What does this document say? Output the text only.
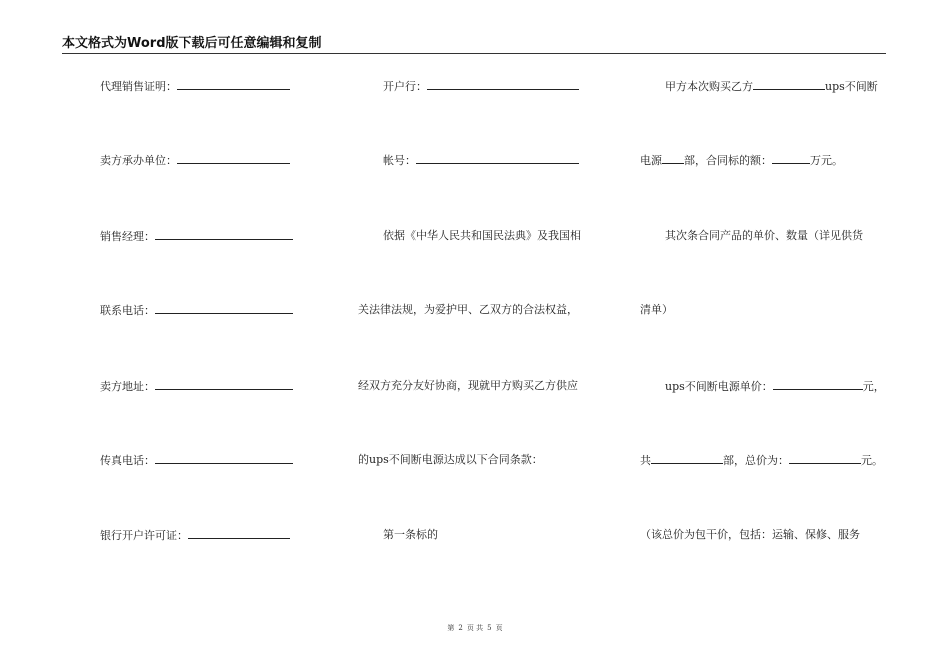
本文格式为Word版下载后可任意编辑和复制
代理销售证明：
卖方承办单位：
销售经理：
联系电话：
卖方地址：
传真电话：
银行开户许可证：
开户行：
帐号：
依据《中华人民共和国民法典》及我国相
关法律法规，为爱护甲、乙双方的合法权益，
经双方充分友好协商，现就甲方购买乙方供应
的ups不间断电源达成以下合同条款：
第一条标的
甲方本次购买乙方	ups不间断
电源 部，合同标的额：	万元。
其次条合同产品的单价、数量（详见供货
清单）
ups不间断电源单价：	元，
共	部，总价为：	元。
（该总价为包干价，包括：运输、保修、服务
第 2 页 共 5 页
